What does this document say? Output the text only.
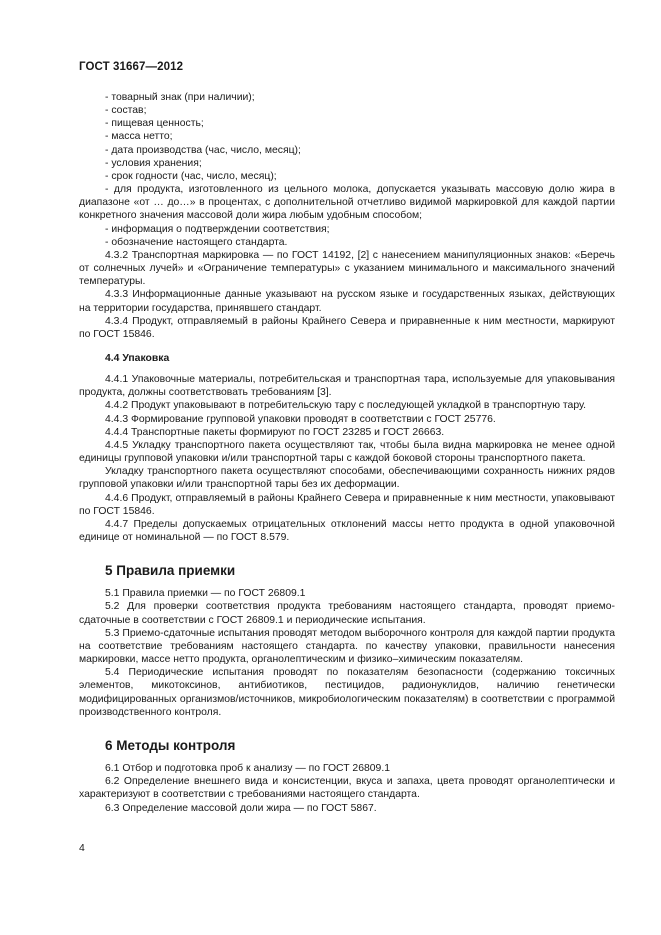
ГОСТ 31667—2012

- товарный знак (при наличии);

- состав;

- пищевая ценность;

- масса нетто;

- дата производства (час, число, месяц);

- условия хранения;

- срок годности (час, число, месяц);

- для продукта, изготовленного из цельного молока, допускается указывать массовую долю жира в диапазоне «от … до…» в процентах, с дополнительной отчетливо видимой маркировкой для каждой партии конкретного значения массовой доли жира любым удобным способом;

- информация о подтверждении соответствия;

- обозначение настоящего стандарта.

4.3.2 Транспортная маркировка — по ГОСТ 14192, [2] с нанесением манипуляционных знаков: «Беречь от солнечных лучей» и «Ограничение температуры» с указанием минимального и максимального значений температуры.

4.3.3 Информационные данные указывают на русском языке и государственных языках, действующих на территории государства, принявшего стандарт.

4.3.4 Продукт, отправляемый в районы Крайнего Севера и приравненные к ним местности, маркируют по ГОСТ 15846.

4.4 Упаковка

4.4.1 Упаковочные материалы, потребительская и транспортная тара, используемые для упаковывания продукта, должны соответствовать требованиям [3].

4.4.2 Продукт упаковывают в потребительскую тару с последующей укладкой в транспортную тару.

4.4.3 Формирование групповой упаковки проводят в соответствии с ГОСТ 25776.

4.4.4 Транспортные пакеты формируют по ГОСТ 23285 и ГОСТ 26663.

4.4.5 Укладку транспортного пакета осуществляют так, чтобы была видна маркировка не менее одной единицы групповой упаковки и/или транспортной тары с каждой боковой стороны транспортного пакета.

Укладку транспортного пакета осуществляют способами, обеспечивающими сохранность нижних рядов групповой упаковки и/или транспортной тары без их деформации.

4.4.6 Продукт, отправляемый в районы Крайнего Севера и приравненные к ним местности, упаковывают по ГОСТ 15846.

4.4.7 Пределы допускаемых отрицательных отклонений массы нетто продукта в одной упаковочной единице от номинальной — по ГОСТ 8.579.

5 Правила приемки

5.1 Правила приемки — по ГОСТ 26809.1

5.2 Для проверки соответствия продукта требованиям настоящего стандарта, проводят приемо-сдаточные в соответствии с ГОСТ 26809.1 и периодические испытания.

5.3 Приемо-сдаточные испытания проводят методом выборочного контроля для каждой партии продукта на соответствие требованиям настоящего стандарта. по качеству упаковки, правильности нанесения маркировки, массе нетто продукта, органолептическим и физико–химическим показателям.

5.4 Периодические испытания проводят по показателям безопасности (содержанию токсичных элементов, микотоксинов, антибиотиков, пестицидов, радионуклидов, наличию генетически модифицированных организмов/источников, микробиологическим показателям) в соответствии с программой производственного контроля.

6 Методы контроля

6.1 Отбор и подготовка проб к анализу — по ГОСТ 26809.1

6.2 Определение внешнего вида и консистенции, вкуса и запаха, цвета проводят органолептически и характеризуют в соответствии с требованиями настоящего стандарта.

6.3 Определение массовой доли жира — по ГОСТ 5867.

4
